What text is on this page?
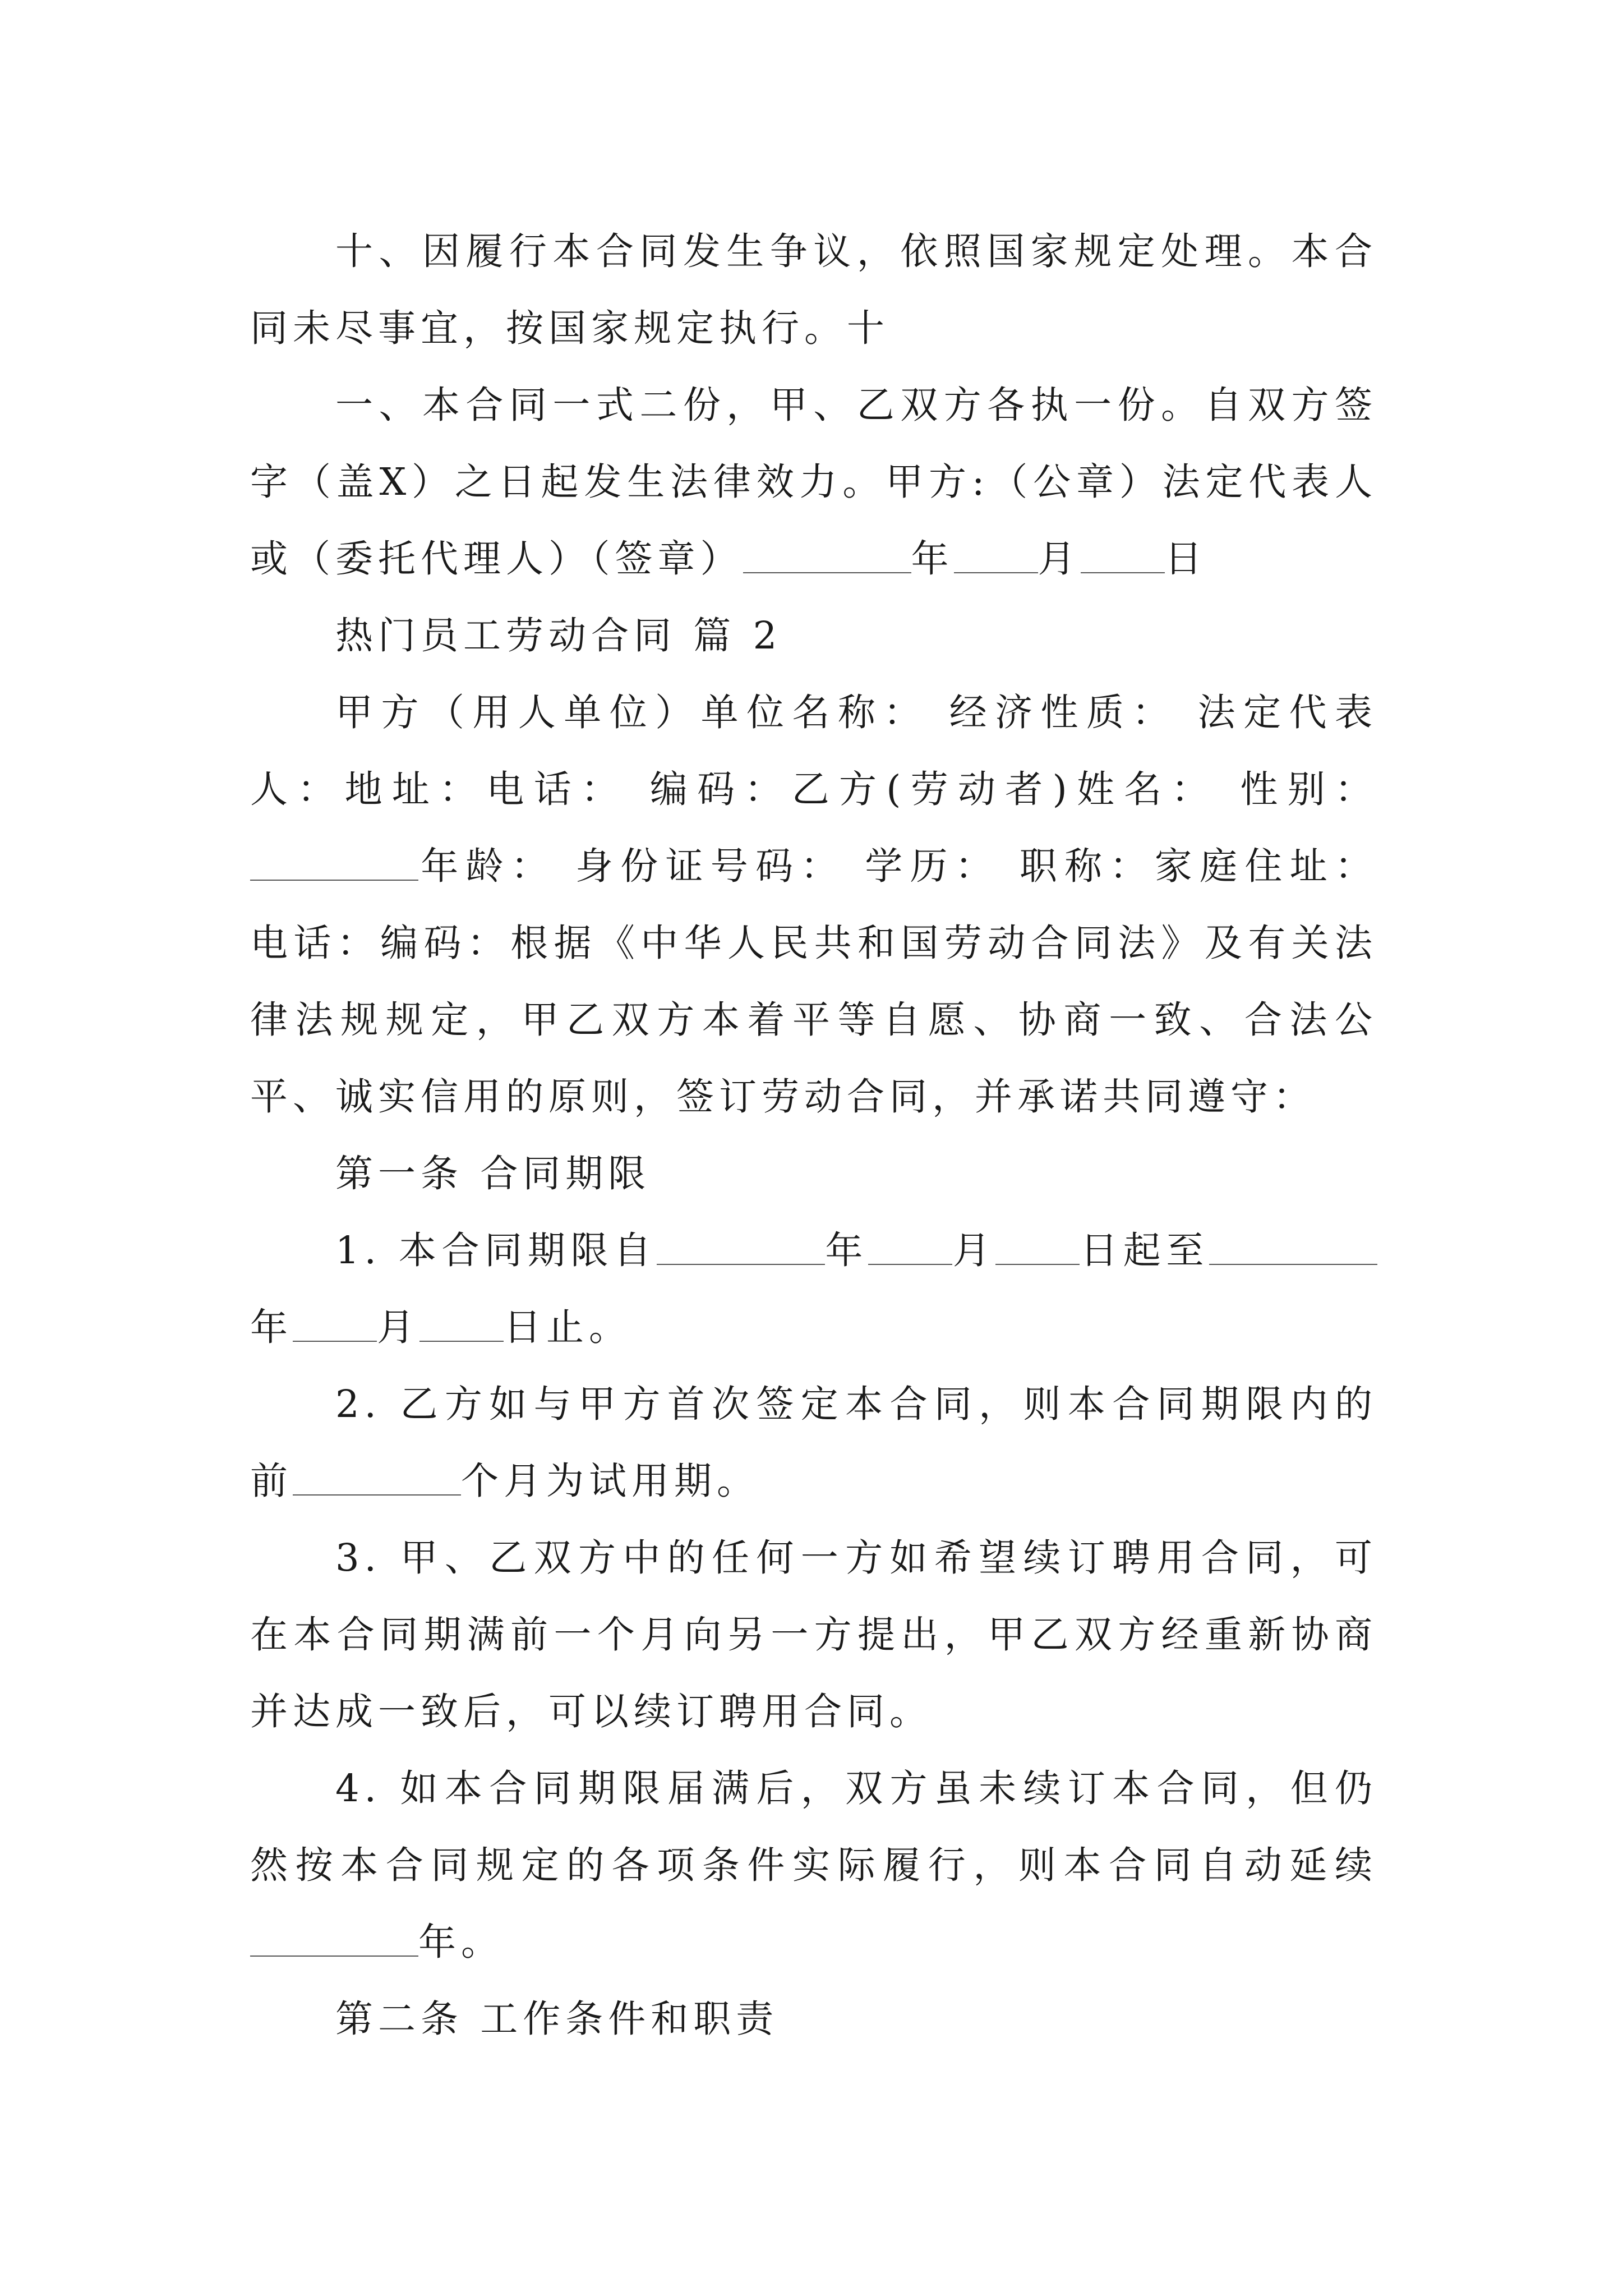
十、因履行本合同发生争议，依照国家规定处理。本合同未尽事宜，按国家规定执行。十

一、本合同一式二份，甲、乙双方各执一份。自双方签字（盖X）之日起发生法律效力。甲方:（公章）法定代表人或（委托代理人）（签章）	年 月 日

热门员工劳动合同 篇 2

甲方（用人单位）单位名称： 经济性质： 法定代表人：地址：电话： 编码：乙方(劳动者)姓名： 性别：年龄： 身份证号码： 学历： 职称：家庭住址： 电话：编码：根据《中华人民共和国劳动合同法》及有关法律法规规定，甲乙双方本着平等自愿、协商一致、合法公平、诚实信用的原则，签订劳动合同，并承诺共同遵守：

第一条 合同期限

1. 本合同期限自	年 月 日起至年 月 日止。

2. 乙方如与甲方首次签定本合同，则本合同期限内的前	个月为试用期。

3. 甲、乙双方中的任何一方如希望续订聘用合同，可在本合同期满前一个月向另一方提出，甲乙双方经重新协商并达成一致后，可以续订聘用合同。

4. 如本合同期限届满后，双方虽未续订本合同，但仍然按本合同规定的各项条件实际履行，则本合同自动延续年。

第二条 工作条件和职责
